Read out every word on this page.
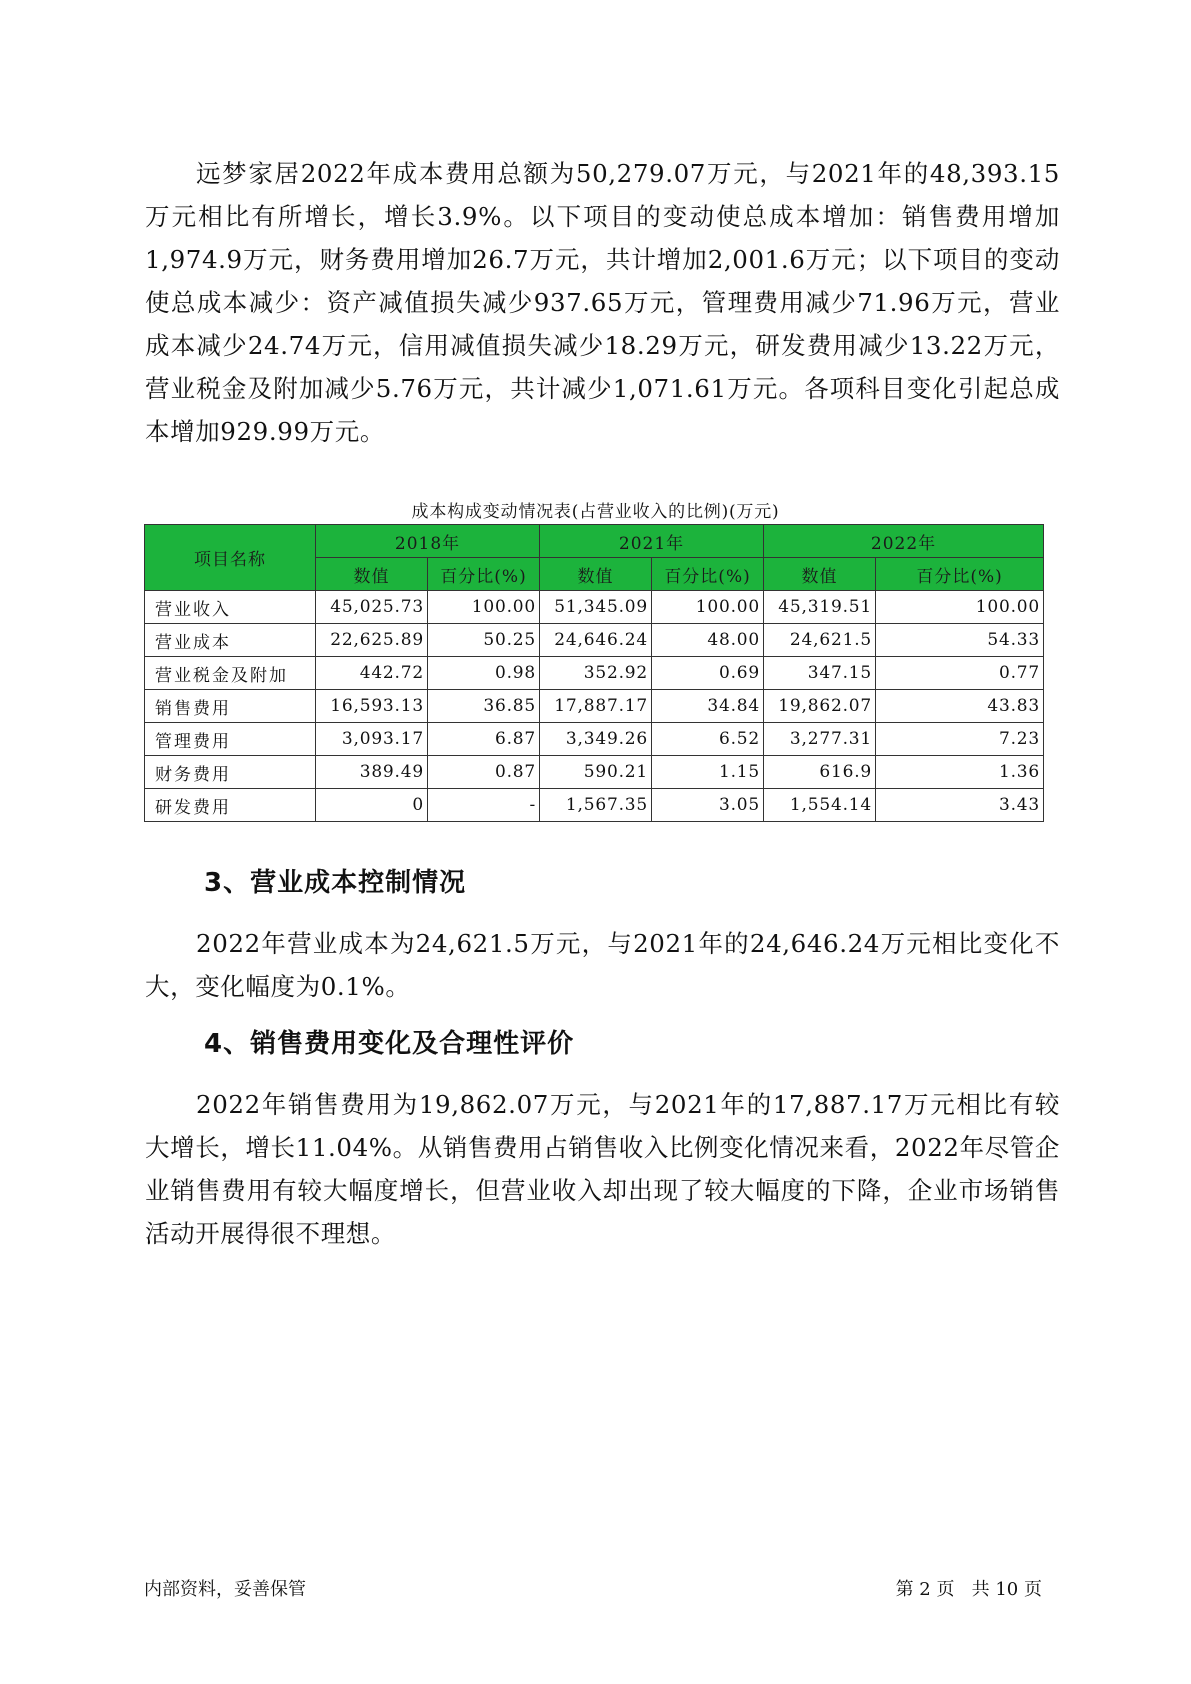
远梦家居2022年成本费用总额为50,279.07万元，与2021年的48,393.15万元相比有所增长，增长3.9%。以下项目的变动使总成本增加：销售费用增加1,974.9万元，财务费用增加26.7万元，共计增加2,001.6万元；以下项目的变动使总成本减少：资产减值损失减少937.65万元，管理费用减少71.96万元，营业成本减少24.74万元，信用减值损失减少18.29万元，研发费用减少13.22万元，营业税金及附加减少5.76万元，共计减少1,071.61万元。各项科目变化引起总成本增加929.99万元。

成本构成变动情况表(占营业收入的比例)(万元)
项目名称	2018年		2021年		2022年	
	数值	百分比(%)	数值	百分比(%)	数值	百分比(%)
营业收入	45,025.73	100.00	51,345.09	100.00	45,319.51	100.00
营业成本	22,625.89	50.25	24,646.24	48.00	24,621.5	54.33
营业税金及附加	442.72	0.98	352.92	0.69	347.15	0.77
销售费用	16,593.13	36.85	17,887.17	34.84	19,862.07	43.83
管理费用	3,093.17	6.87	3,349.26	6.52	3,277.31	7.23
财务费用	389.49	0.87	590.21	1.15	616.9	1.36
研发费用	0	-	1,567.35	3.05	1,554.14	3.43
3、营业成本控制情况

2022年营业成本为24,621.5万元，与2021年的24,646.24万元相比变化不大，变化幅度为0.1%。

4、销售费用变化及合理性评价

2022年销售费用为19,862.07万元，与2021年的17,887.17万元相比有较大增长，增长11.04%。从销售费用占销售收入比例变化情况来看，2022年尽管企业销售费用有较大幅度增长，但营业收入却出现了较大幅度的下降，企业市场销售活动开展得很不理想。

内部资料，妥善保管	第 2 页   共 10 页
